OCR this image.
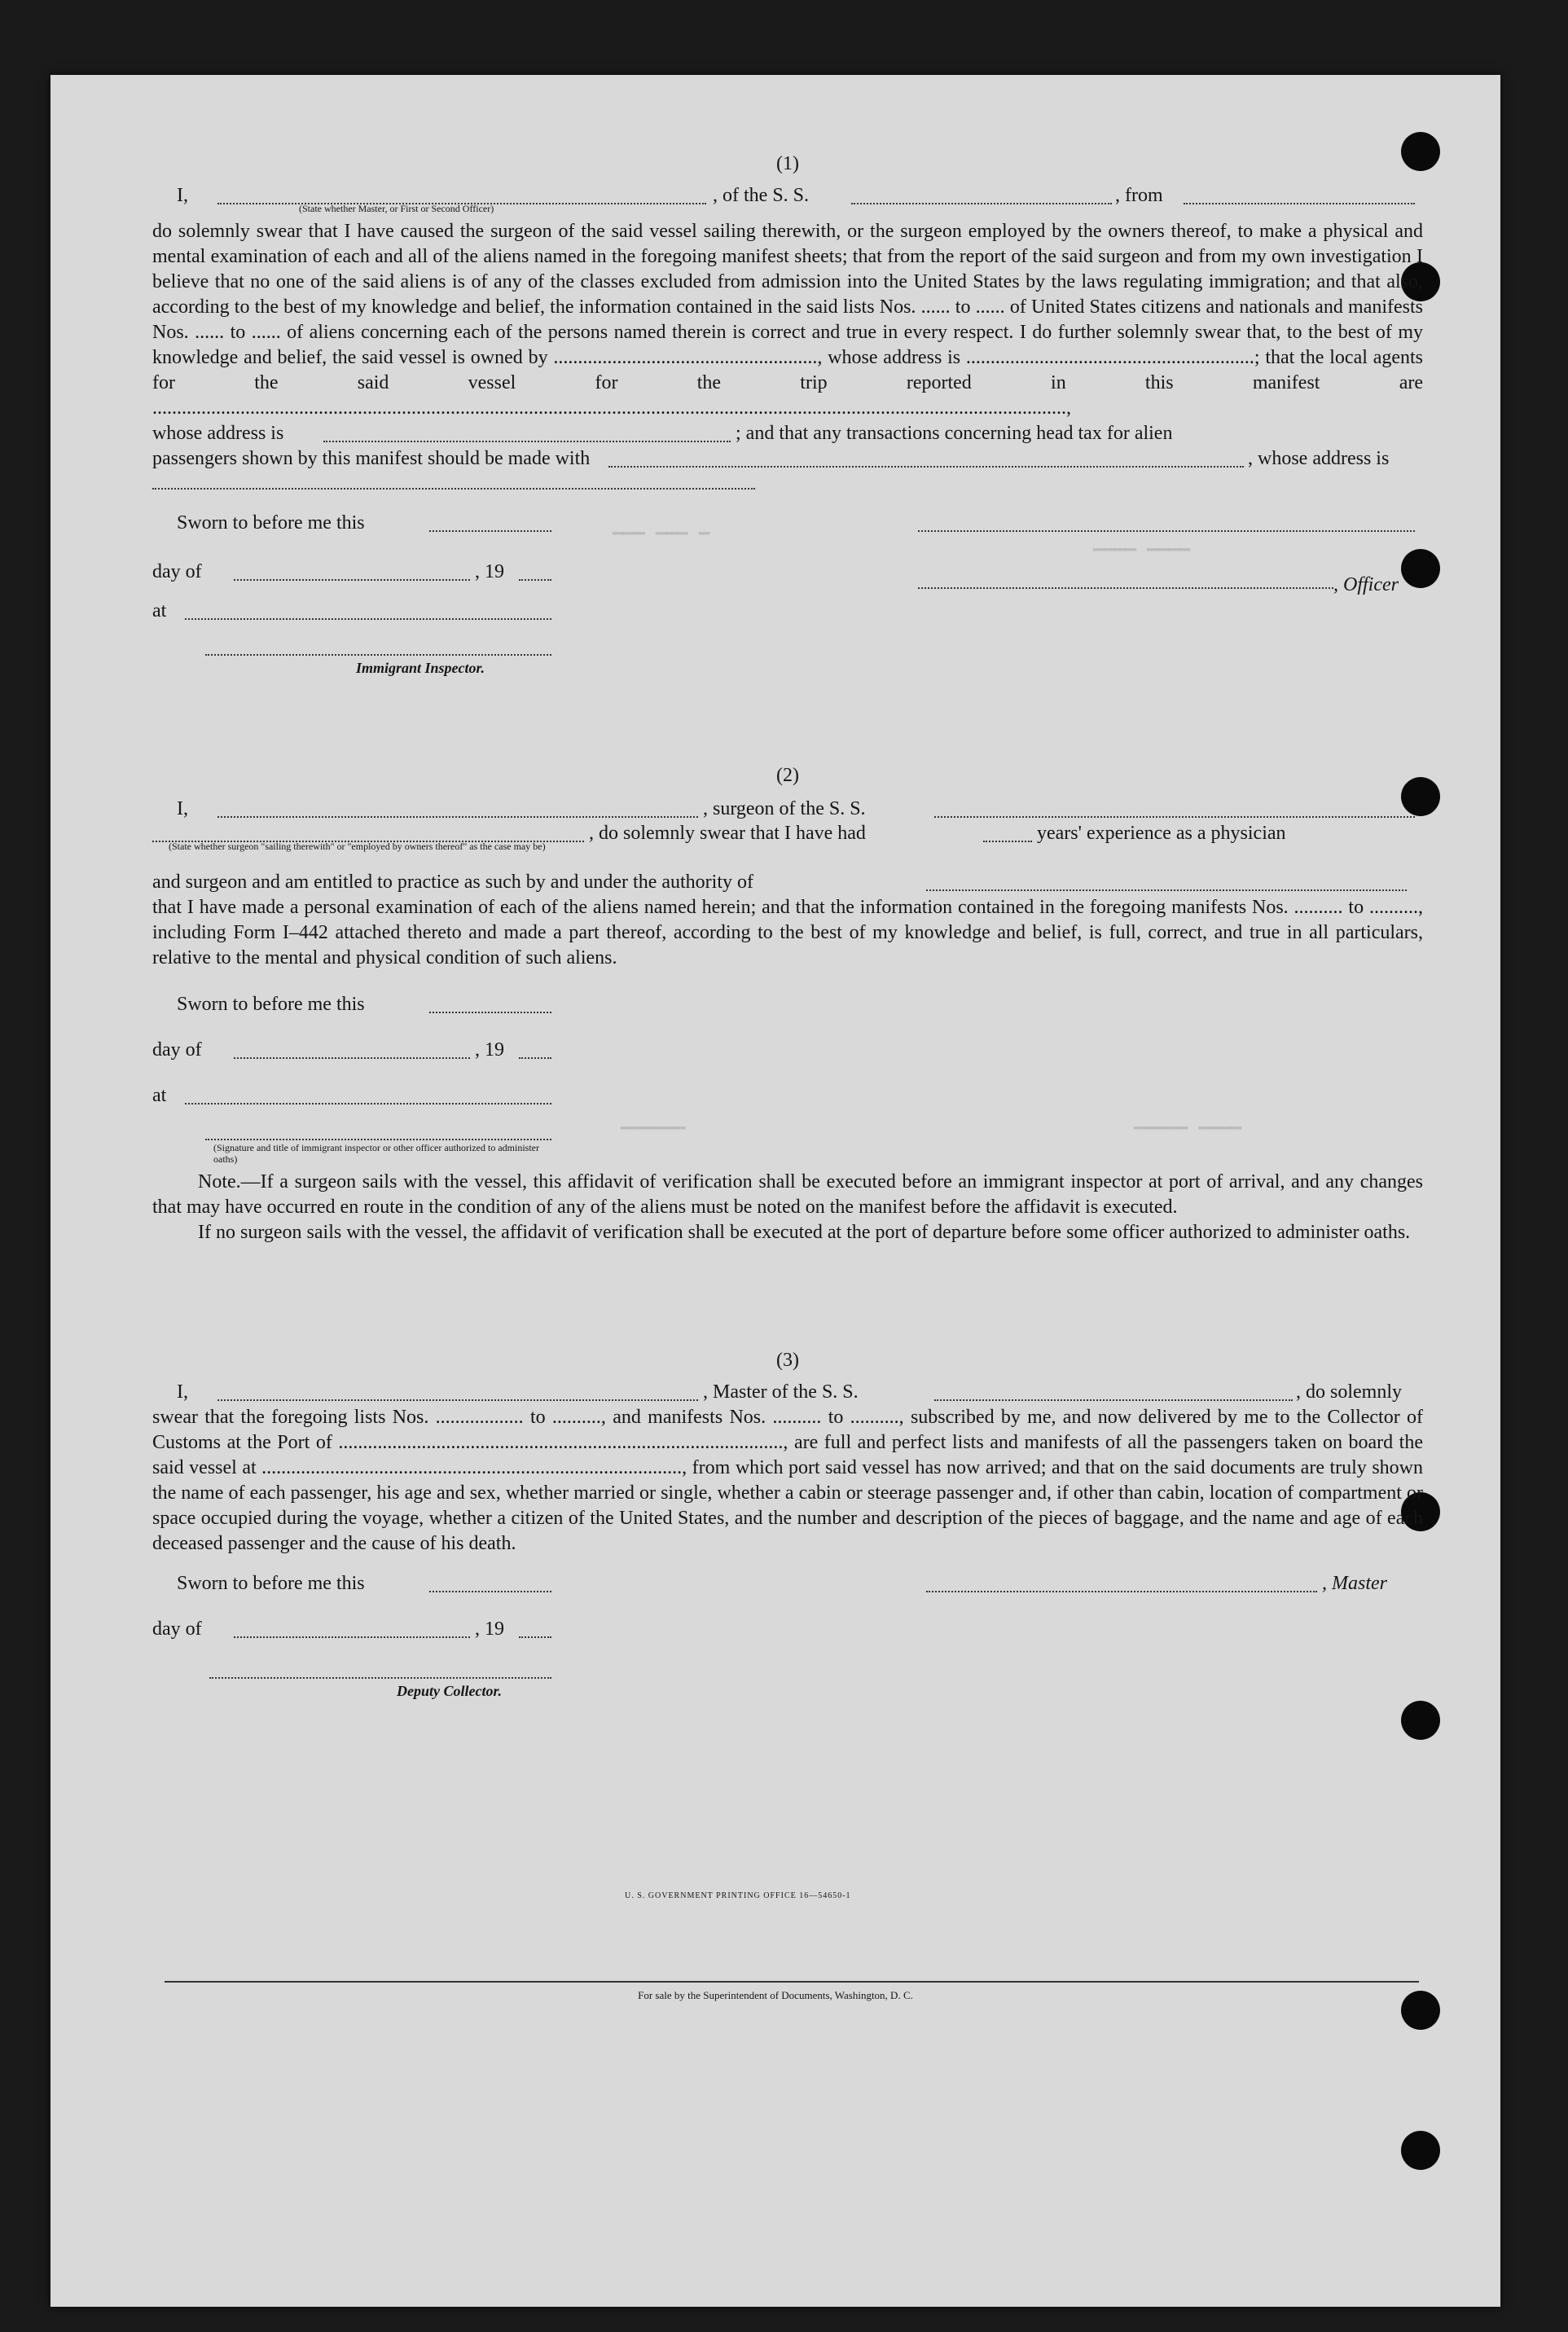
▁▁▁ ▁▁▁ ▁
▁▁▁▁ ▁▁▁▁
▁▁▁▁▁▁	▁▁▁▁▁ ▁▁▁▁
(1)
I,	, of the S. S.	, from
(State whether Master, or First or Second Officer)

do solemnly swear that I have caused the surgeon of the said vessel sailing therewith, or the surgeon employed by the owners thereof, to make a physical and mental examination of each and all of the aliens named in the foregoing manifest sheets; that from the report of the said surgeon and from my own investigation I believe that no one of the said aliens is of any of the classes excluded from admission into the United States by the laws regulating immigration; and that also, according to the best of my knowledge and belief, the information contained in the said lists Nos. ...... to ...... of United States citizens and nationals and manifests Nos. ...... to ...... of aliens concerning each of the persons named therein is correct and true in every respect. I do further solemnly swear that, to the best of my knowledge and belief, the said vessel is owned by ......................................................, whose address is ...........................................................; that the local agents for the said vessel for the trip reported in this manifest are ...........................................................................................................................................................................................,

whose address is	; and that any transactions concerning head tax for alien
passengers shown by this manifest should be made with	, whose address is
Sworn to before me this
day of	, 19
, Officer
at
Immigrant Inspector.
(2)
I,	, surgeon of the S. S.
, do solemnly swear that I have had	years' experience as a physician
(State whether surgeon "sailing therewith" or "employed by owners thereof" as the case may be)
and surgeon and am entitled to practice as such by and under the authority of

that I have made a personal examination of each of the aliens named herein; and that the information contained in the foregoing manifests Nos. .......... to .........., including Form I–442 attached thereto and made a part thereof, according to the best of my knowledge and belief, is full, correct, and true in all particulars, relative to the mental and physical condition of such aliens.

Sworn to before me this
day of	, 19
at
(Signature and title of immigrant inspector or other officer authorized to administer oaths)

Note.—If a surgeon sails with the vessel, this affidavit of verification shall be executed before an immigrant inspector at port of arrival, and any changes that may have occurred en route in the condition of any of the aliens must be noted on the manifest before the affidavit is executed.

If no surgeon sails with the vessel, the affidavit of verification shall be executed at the port of departure before some officer authorized to administer oaths.

(3)
I,	, Master of the S. S.	, do solemnly

swear that the foregoing lists Nos. .................. to .........., and manifests Nos. .......... to .........., subscribed by me, and now delivered by me to the Collector of Customs at the Port of ..........................................................................................., are full and perfect lists and manifests of all the passengers taken on board the said vessel at ......................................................................................, from which port said vessel has now arrived; and that on the said documents are truly shown the name of each passenger, his age and sex, whether married or single, whether a cabin or steerage passenger and, if other than cabin, location of compartment or space occupied during the voyage, whether a citizen of the United States, and the number and description of the pieces of baggage, and the name and age of each deceased passenger and the cause of his death.

Sworn to before me this	, Master
day of	, 19
Deputy Collector.
U. S. GOVERNMENT PRINTING OFFICE 16—54650-1
For sale by the Superintendent of Documents, Washington, D. C.
